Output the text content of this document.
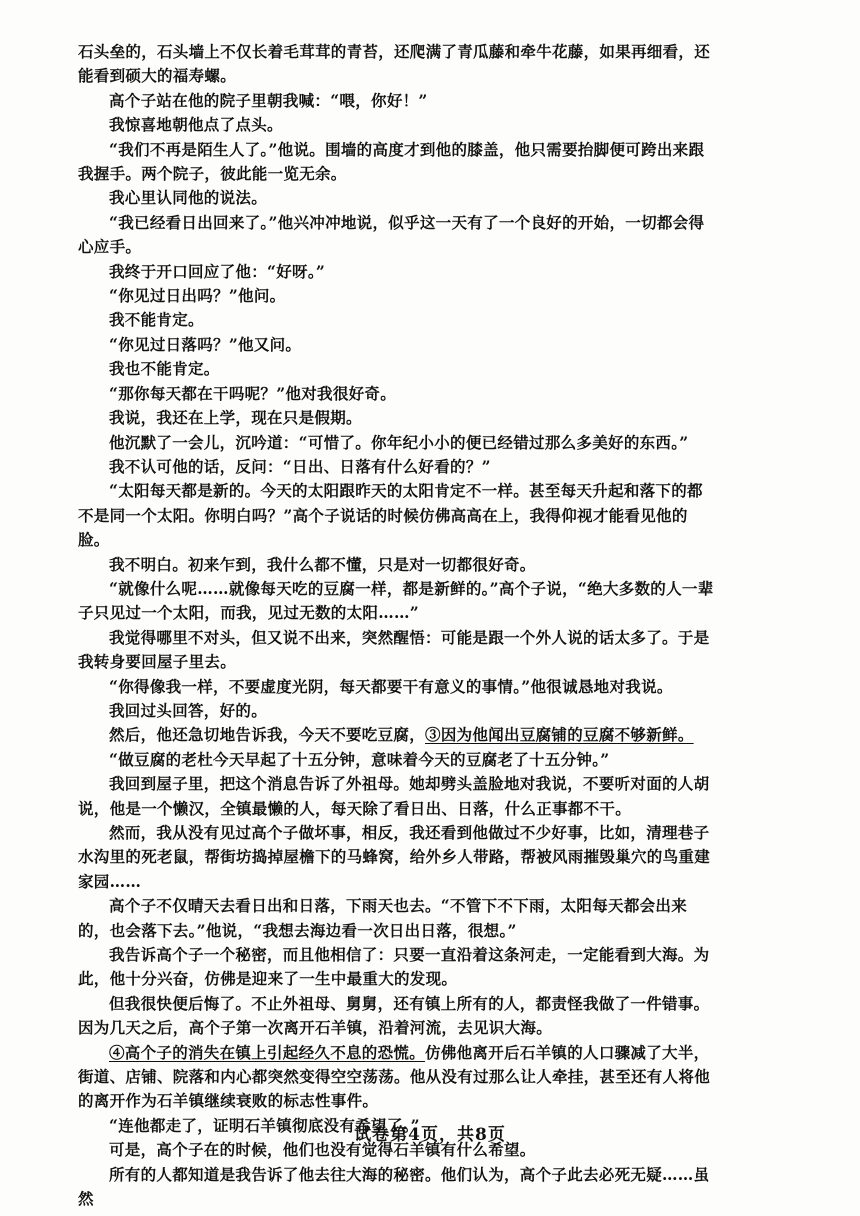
石头垒的，石头墙上不仅长着毛茸茸的青苔，还爬满了青瓜藤和牵牛花藤，如果再细看，还能看到硕大的福寿螺。

高个子站在他的院子里朝我喊：“喂，你好！”

我惊喜地朝他点了点头。

“我们不再是陌生人了。”他说。围墙的高度才到他的膝盖，他只需要抬脚便可跨出来跟我握手。两个院子，彼此能一览无余。

我心里认同他的说法。

“我已经看日出回来了。”他兴冲冲地说，似乎这一天有了一个良好的开始，一切都会得心应手。

我终于开口回应了他：“好呀。”

“你见过日出吗？”他问。

我不能肯定。

“你见过日落吗？”他又问。

我也不能肯定。

“那你每天都在干吗呢？”他对我很好奇。

我说，我还在上学，现在只是假期。

他沉默了一会儿，沉吟道：“可惜了。你年纪小小的便已经错过那么多美好的东西。”

我不认可他的话，反问：“日出、日落有什么好看的？”

“太阳每天都是新的。今天的太阳跟昨天的太阳肯定不一样。甚至每天升起和落下的都不是同一个太阳。你明白吗？”高个子说话的时候仿佛高高在上，我得仰视才能看见他的脸。

我不明白。初来乍到，我什么都不懂，只是对一切都很好奇。

“就像什么呢……就像每天吃的豆腐一样，都是新鲜的。”高个子说，“绝大多数的人一辈子只见过一个太阳，而我，见过无数的太阳……”

我觉得哪里不对头，但又说不出来，突然醒悟：可能是跟一个外人说的话太多了。于是我转身要回屋子里去。

“你得像我一样，不要虚度光阴，每天都要干有意义的事情。”他很诚恳地对我说。

我回过头回答，好的。

然后，他还急切地告诉我，今天不要吃豆腐，③因为他闻出豆腐铺的豆腐不够新鲜。

“做豆腐的老杜今天早起了十五分钟，意味着今天的豆腐老了十五分钟。”

我回到屋子里，把这个消息告诉了外祖母。她却劈头盖脸地对我说，不要听对面的人胡说，他是一个懒汉，全镇最懒的人，每天除了看日出、日落，什么正事都不干。

然而，我从没有见过高个子做坏事，相反，我还看到他做过不少好事，比如，清理巷子水沟里的死老鼠，帮街坊捣掉屋檐下的马蜂窝，给外乡人带路，帮被风雨摧毁巢穴的鸟重建家园……

高个子不仅晴天去看日出和日落，下雨天也去。“不管下不下雨，太阳每天都会出来的，也会落下去。”他说，“我想去海边看一次日出日落，很想。”

我告诉高个子一个秘密，而且他相信了：只要一直沿着这条河走，一定能看到大海。为此，他十分兴奋，仿佛是迎来了一生中最重大的发现。

但我很快便后悔了。不止外祖母、舅舅，还有镇上所有的人，都责怪我做了一件错事。因为几天之后，高个子第一次离开石羊镇，沿着河流，去见识大海。

④高个子的消失在镇上引起经久不息的恐慌。仿佛他离开后石羊镇的人口骤减了大半，街道、店铺、院落和内心都突然变得空空荡荡。他从没有过那么让人牵挂，甚至还有人将他的离开作为石羊镇继续衰败的标志性事件。

“连他都走了，证明石羊镇彻底没有希望了。”

可是，高个子在的时候，他们也没有觉得石羊镇有什么希望。

所有的人都知道是我告诉了他去往大海的秘密。他们认为，高个子此去必死无疑……虽然

试卷第4页，共8页
